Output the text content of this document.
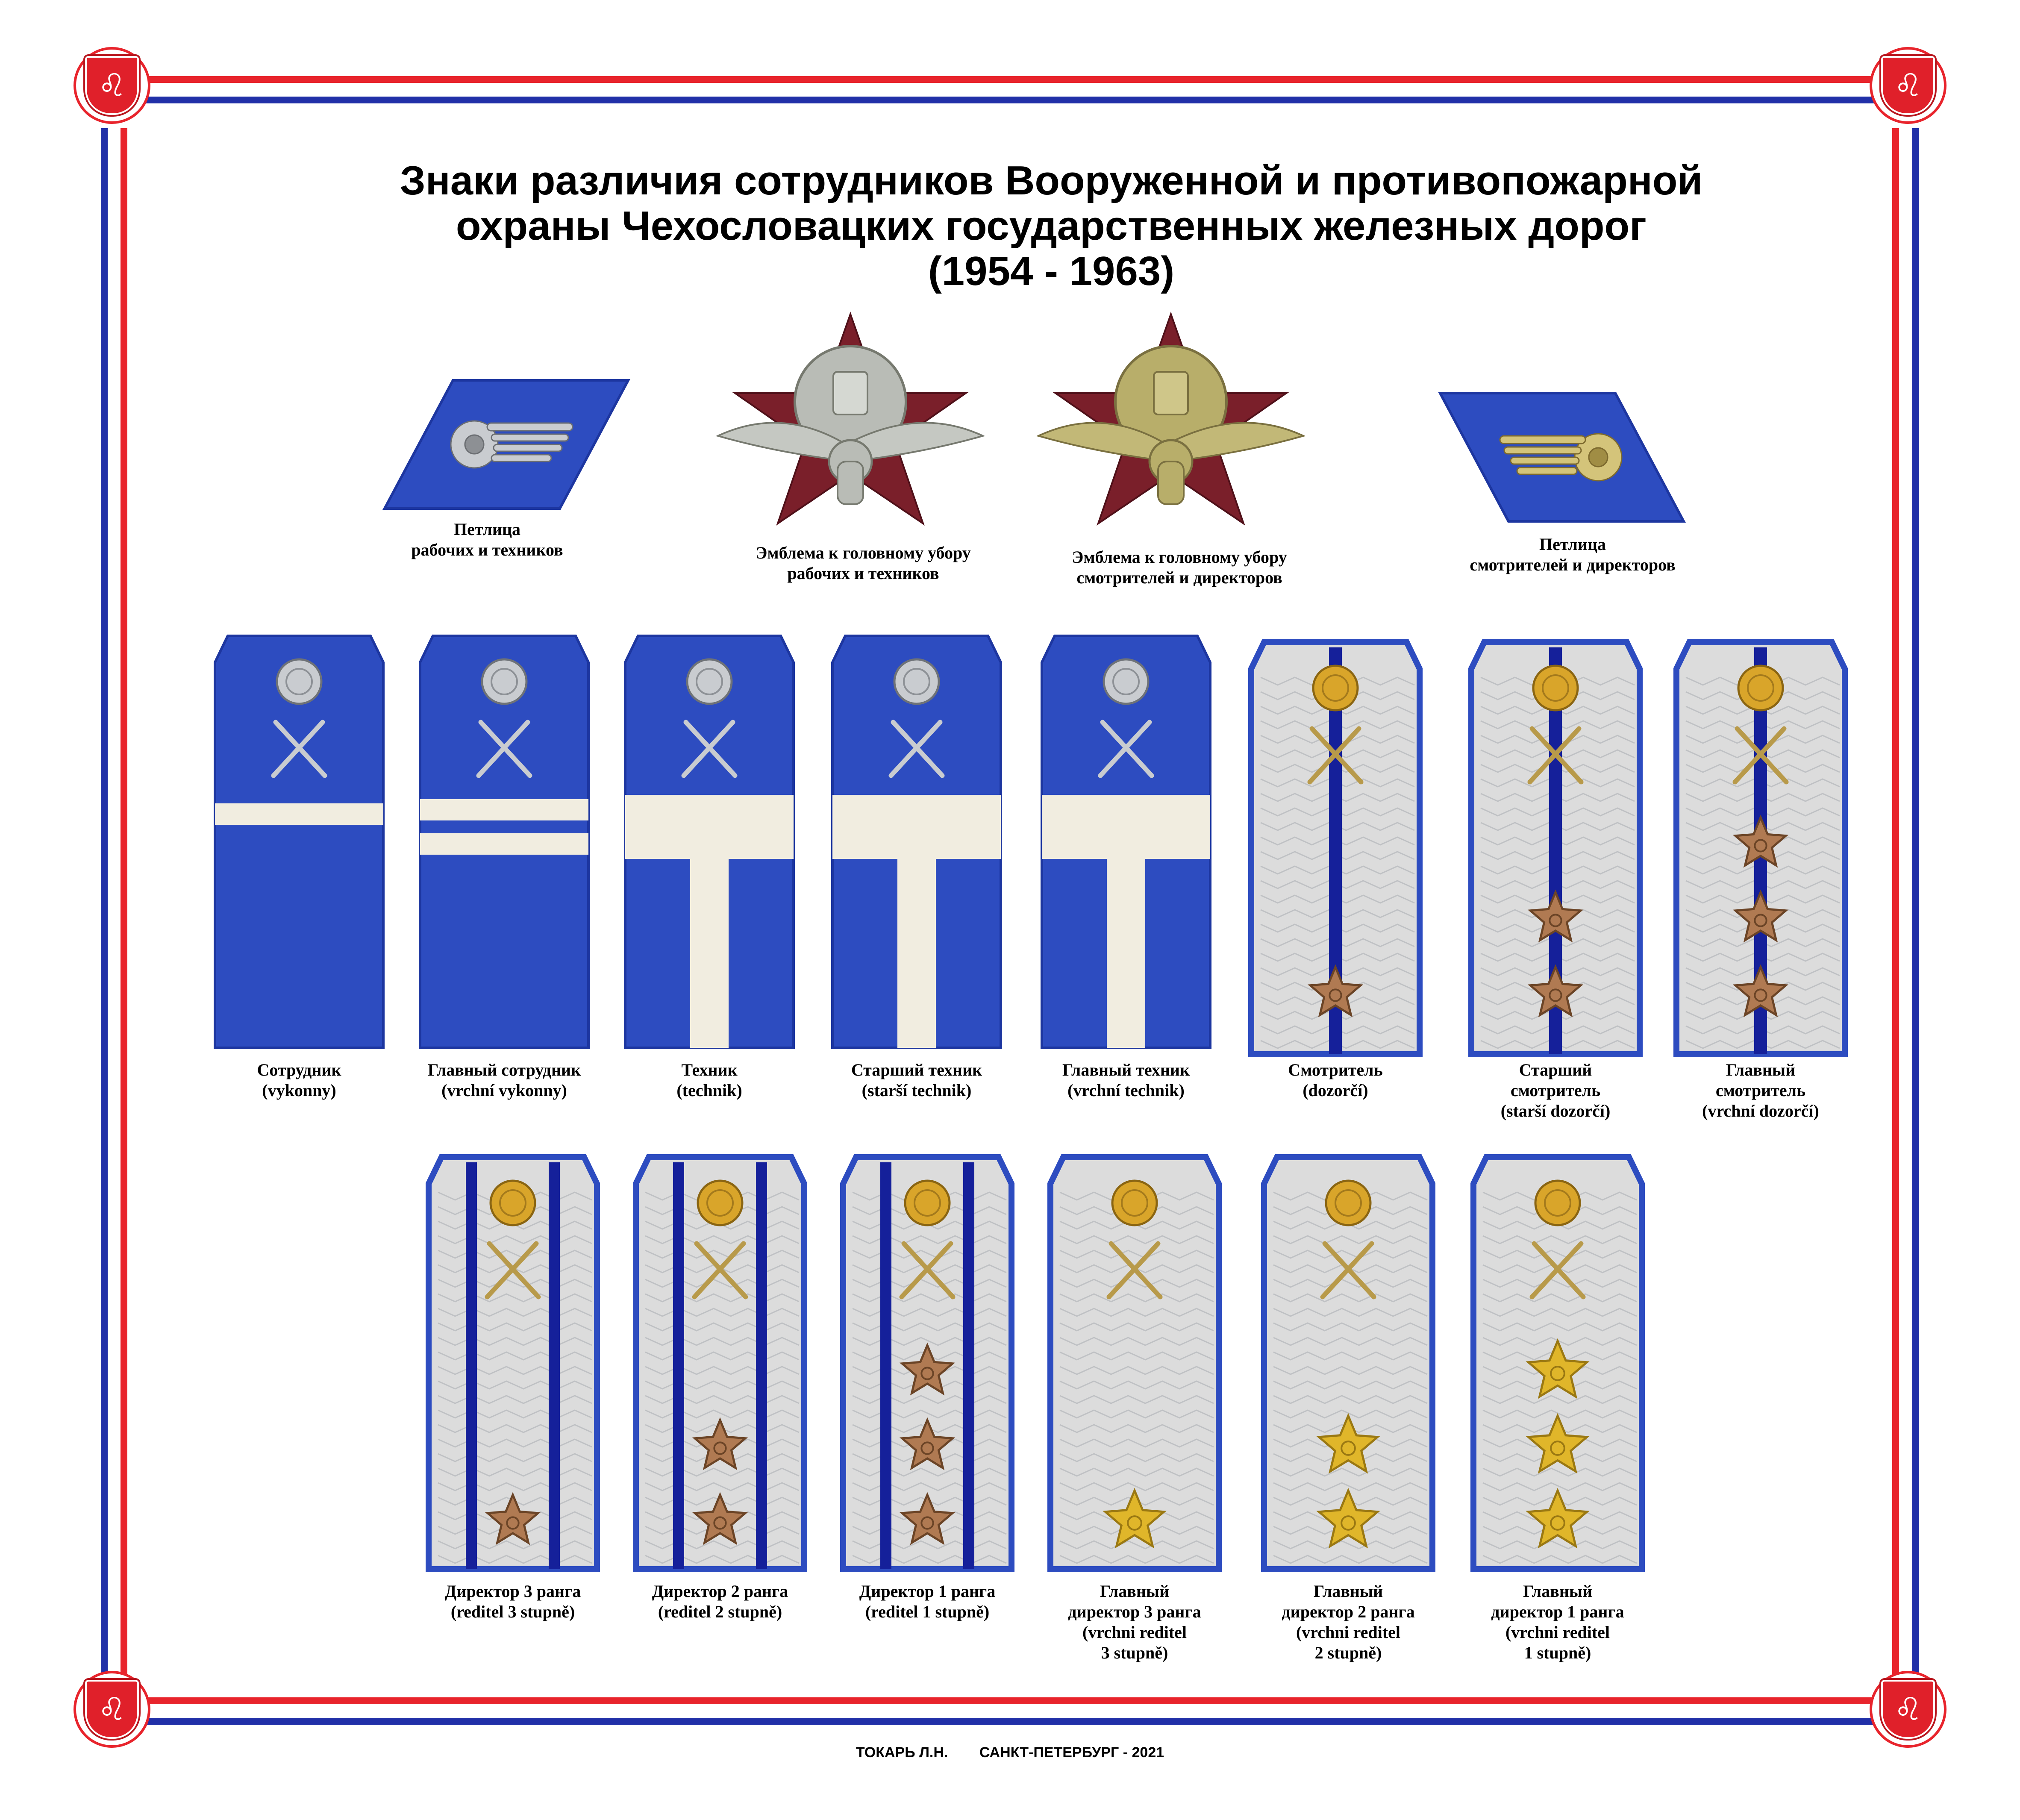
♌	♌
♌	♌
Знаки различия сотрудников Вооруженной и противопожарной
охраны Чехословацких государственных железных дорог
(1954 - 1963)
Петлица
рабочих и техников	Эмблема к головному убору
рабочих и техников
Эмблема к головному убору
смотрителей и директоров
Петлица
смотрителей и директоров
Сотрудник
(vykonny)
Главный сотрудник
(vrchní vykonny)
Техник
(technik)
Старший техник
(starší technik)
Главный техник
(vrchní technik)
Смотритель
(dozorčí)
Старший
смотритель
(starší dozorčí)
Главный
смотритель
(vrchní dozorčí)
Директор 3 ранга
(reditel 3 stupně)
Директор 2 ранга
(reditel 2 stupně)
Директор 1 ранга
(reditel 1 stupně)
Главный
директор 3 ранга
(vrchni reditel
3 stupně)
Главный
директор 2 ранга
(vrchni reditel
2 stupně)
Главный
директор 1 ранга
(vrchni reditel
1 stupně)
ТОКАРЬ Л.Н. САНКТ-ПЕТЕРБУРГ - 2021
